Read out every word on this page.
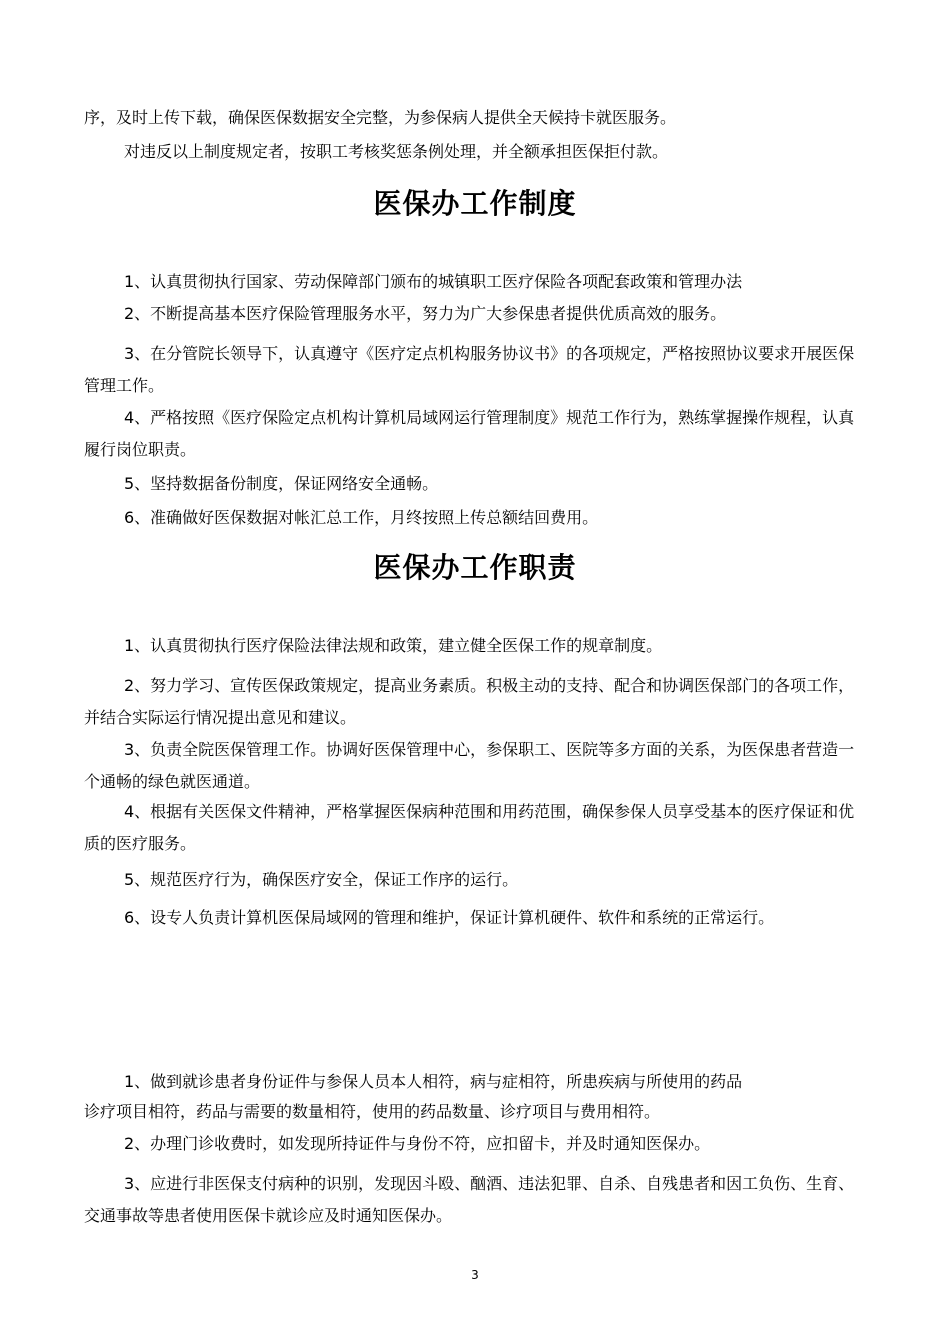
序，及时上传下载，确保医保数据安全完整，为参保病人提供全天候持卡就医服务。
对违反以上制度规定者，按职工考核奖惩条例处理，并全额承担医保拒付款。
医保办工作制度
1、认真贯彻执行国家、劳动保障部门颁布的城镇职工医疗保险各项配套政策和管理办法
2、不断提高基本医疗保险管理服务水平，努力为广大参保患者提供优质高效的服务。
3、在分管院长领导下，认真遵守《医疗定点机构服务协议书》的各项规定，严格按照协议要求开展医保管理工作。
4、严格按照《医疗保险定点机构计算机局域网运行管理制度》规范工作行为，熟练掌握操作规程，认真履行岗位职责。
5、坚持数据备份制度，保证网络安全通畅。
6、准确做好医保数据对帐汇总工作，月终按照上传总额结回费用。
医保办工作职责
1、认真贯彻执行医疗保险法律法规和政策，建立健全医保工作的规章制度。
2、努力学习、宣传医保政策规定，提高业务素质。积极主动的支持、配合和协调医保部门的各项工作，并结合实际运行情况提出意见和建议。
3、负责全院医保管理工作。协调好医保管理中心，参保职工、医院等多方面的关系，为医保患者营造一个通畅的绿色就医通道。
4、根据有关医保文件精神，严格掌握医保病种范围和用药范围，确保参保人员享受基本的医疗保证和优质的医疗服务。
5、规范医疗行为，确保医疗安全，保证工作序的运行。
6、设专人负责计算机医保局域网的管理和维护，保证计算机硬件、软件和系统的正常运行。
1、做到就诊患者身份证件与参保人员本人相符，病与症相符，所患疾病与所使用的药品
诊疗项目相符，药品与需要的数量相符，使用的药品数量、诊疗项目与费用相符。
2、办理门诊收费时，如发现所持证件与身份不符，应扣留卡，并及时通知医保办。
3、应进行非医保支付病种的识别，发现因斗殴、酗酒、违法犯罪、自杀、自残患者和因工负伤、生育、交通事故等患者使用医保卡就诊应及时通知医保办。
3
